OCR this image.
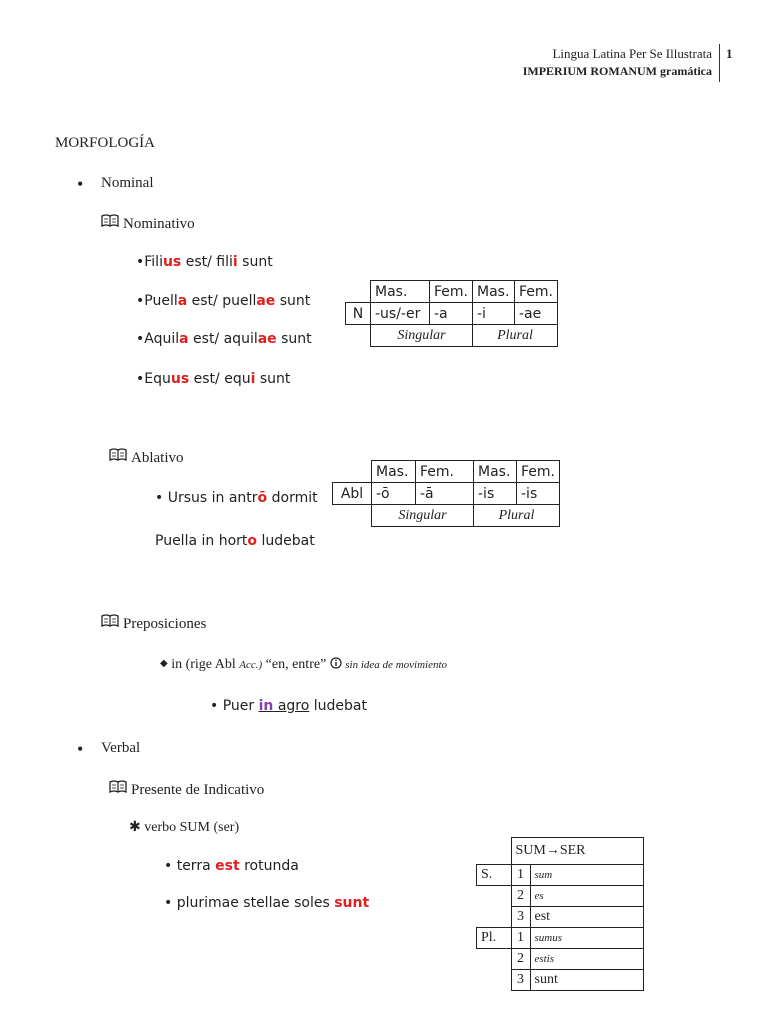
Lingua Latina Per Se Illustrata
IMPERIUM ROMANUM gramática
1
MORFOLOGÍA
• Nominal
Nominativo
•Filius est/ filii sunt
•Puella est/ puellae sunt
•Aquila est/ aquilae sunt
•Equus est/ equi sunt
	Mas.	Fem.	Mas.	Fem.
N	-us/-er	-a	-i	-ae
	Singular		Plural	
Ablativo
• Ursus in antrō dormit
Puella in horto ludebat
	Mas.	Fem.	Mas.	Fem.
Abl	-ō	-ā	-is	-is
	Singular		Plural	
Preposiciones
◆ in (rige Abl Acc.) “en, entre”  sin idea de movimiento
• Puer in agro ludebat
• Verbal
Presente de Indicativo
✱ verbo SUM (ser)
• terra est rotunda
• plurimae stellae soles sunt
	SUM→SER	
S.	1	sum
	2	es
	3	est
Pl.	1	sumus
	2	estis
	3	sunt
